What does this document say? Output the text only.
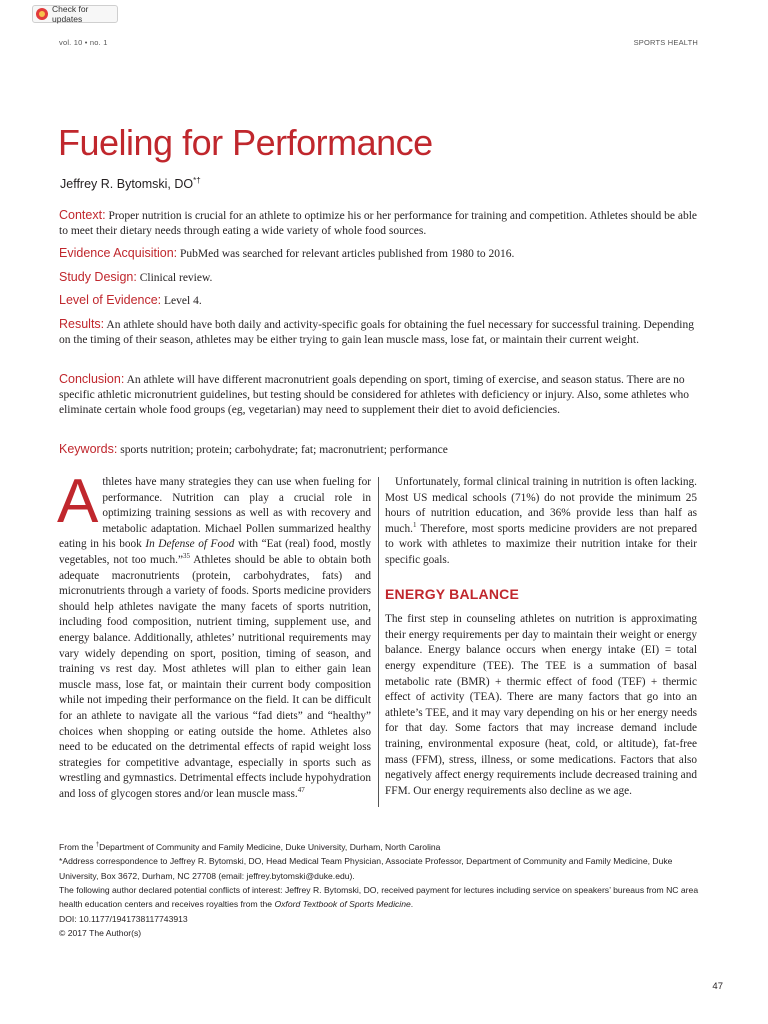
Check for updates
vol. 10 • no. 1	SPORTS HEALTH
Fueling for Performance
Jeffrey R. Bytomski, DO*†
Context: Proper nutrition is crucial for an athlete to optimize his or her performance for training and competition. Athletes should be able to meet their dietary needs through eating a wide variety of whole food sources.
Evidence Acquisition: PubMed was searched for relevant articles published from 1980 to 2016.
Study Design: Clinical review.
Level of Evidence: Level 4.
Results: An athlete should have both daily and activity-specific goals for obtaining the fuel necessary for successful training. Depending on the timing of their season, athletes may be either trying to gain lean muscle mass, lose fat, or maintain their current weight.
Conclusion: An athlete will have different macronutrient goals depending on sport, timing of exercise, and season status. There are no specific athletic micronutrient guidelines, but testing should be considered for athletes with deficiency or injury. Also, some athletes who eliminate certain whole food groups (eg, vegetarian) may need to supplement their diet to avoid deficiencies.
Keywords: sports nutrition; protein; carbohydrate; fat; macronutrient; performance

Athletes have many strategies they can use when fueling for performance. Nutrition can play a crucial role in optimizing training sessions as well as with recovery and metabolic adaptation. Michael Pollen summarized healthy eating in his book In Defense of Food with “Eat (real) food, mostly vegetables, not too much.”$^{35}$ Athletes should be able to obtain both adequate macronutrients (protein, carbohydrates, fats) and micronutrients through a variety of foods. Sports medicine providers should help athletes navigate the many facets of sports nutrition, including food composition, nutrient timing, supplement use, and energy balance. Additionally, athletes’ nutritional requirements may vary widely depending on sport, position, timing of season, and training vs rest day. Most athletes will plan to either gain lean muscle mass, lose fat, or maintain their current body composition while not impeding their performance on the field. It can be difficult for an athlete to navigate all the various “fad diets” and “healthy” choices when shopping or eating outside the home. Athletes also need to be educated on the detrimental effects of rapid weight loss strategies for competitive advantage, especially in sports such as wrestling and gymnastics. Detrimental effects include hypohydration and loss of glycogen stores and/or lean muscle mass.$^{47}$

Unfortunately, formal clinical training in nutrition is often lacking. Most US medical schools (71%) do not provide the minimum 25 hours of nutrition education, and 36% provide less than half as much.$^1$ Therefore, most sports medicine providers are not prepared to work with athletes to maximize their nutrition intake for their specific goals.

ENERGY BALANCE

The first step in counseling athletes on nutrition is approximating their energy requirements per day to maintain their weight or energy balance. Energy balance occurs when energy intake (EI) = total energy expenditure (TEE). The TEE is a summation of basal metabolic rate (BMR) + thermic effect of food (TEF) + thermic effect of activity (TEA). There are many factors that go into an athlete’s TEE, and it may vary depending on his or her energy needs for that day. Some factors that may increase demand include training, environmental exposure (heat, cold, or altitude), fat-free mass (FFM), stress, illness, or some medications. Factors that also negatively affect energy requirements include decreased training and FFM. Our energy requirements also decline as we age.

From the †Department of Community and Family Medicine, Duke University, Durham, North Carolina
*Address correspondence to Jeffrey R. Bytomski, DO, Head Medical Team Physician, Associate Professor, Department of Community and Family Medicine, Duke University, Box 3672, Durham, NC 27708 (email: jeffrey.bytomski@duke.edu).
The following author declared potential conflicts of interest: Jeffrey R. Bytomski, DO, received payment for lectures including service on speakers’ bureaus from NC area health education centers and receives royalties from the Oxford Textbook of Sports Medicine.
DOI: 10.1177/1941738117743913
© 2017 The Author(s)
47
